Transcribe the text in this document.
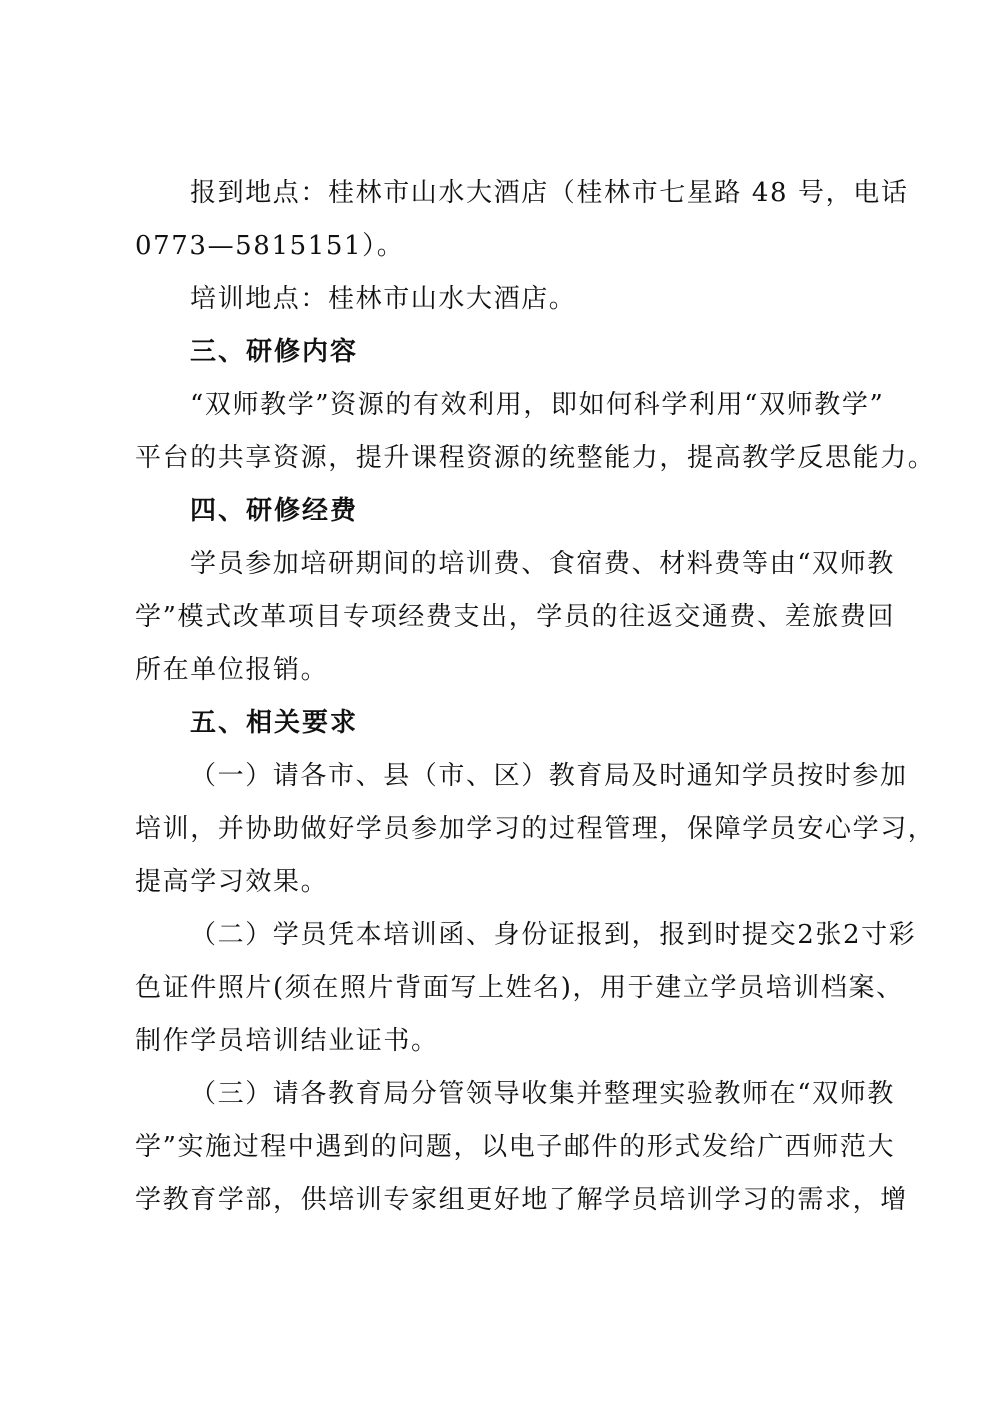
报到地点：桂林市山水大酒店（桂林市七星路 48 号，电话
0773—5815151）。
培训地点：桂林市山水大酒店。
三、研修内容
“双师教学”资源的有效利用，即如何科学利用“双师教学”
平台的共享资源，提升课程资源的统整能力，提高教学反思能力。
四、研修经费
学员参加培研期间的培训费、食宿费、材料费等由“双师教
学”模式改革项目专项经费支出，学员的往返交通费、差旅费回
所在单位报销。
五、相关要求
（一）请各市、县（市、区）教育局及时通知学员按时参加
培训，并协助做好学员参加学习的过程管理，保障学员安心学习，
提高学习效果。
（二）学员凭本培训函、身份证报到，报到时提交2张2寸彩
色证件照片(须在照片背面写上姓名)，用于建立学员培训档案、
制作学员培训结业证书。
（三）请各教育局分管领导收集并整理实验教师在“双师教
学”实施过程中遇到的问题，以电子邮件的形式发给广西师范大
学教育学部，供培训专家组更好地了解学员培训学习的需求，增
